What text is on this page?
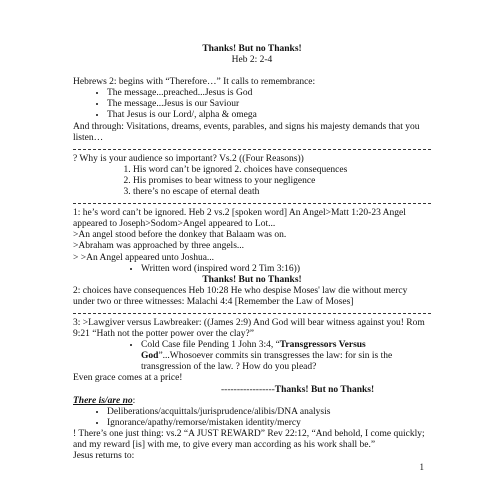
Thanks! But no Thanks!
Heb 2: 2-4
Hebrews 2: begins with “Therefore…” It calls to remembrance:
• The message...preached...Jesus is God
• The message...Jesus is our Saviour
• That Jesus is our Lord/, alpha & omega
And through: Visitations, dreams, events, parables, and signs his majesty demands that you listen…
? Why is your audience so important? Vs.2 ((Four Reasons))
1. His word can’t be ignored 2. choices have consequences
2. His promises to bear witness to your negligence
3. there’s no escape of eternal death
1: he’s word can’t be ignored. Heb 2 vs.2 [spoken word] An Angel>Matt 1:20-23 Angel appeared to Joseph>Sodom>Angel appeared to Lot...
>An angel stood before the donkey that Balaam was on.
>Abraham was approached by three angels...
> >An Angel appeared unto Joshua...
• Written word (inspired word 2 Tim 3:16))
Thanks! But no Thanks!
2: choices have consequences Heb 10:28 He who despise Moses' law die without mercy under two or three witnesses: Malachi 4:4 [Remember the Law of Moses]
3: >Lawgiver versus Lawbreaker: ((James 2:9) And God will bear witness against you! Rom 9:21 “Hath not the potter power over the clay?”
• Cold Case file Pending 1 John 3:4, “Transgressors Versus God”...Whosoever commits sin transgresses the law: for sin is the transgression of the law. ? How do you plead?
Even grace comes at a price!
-----------------Thanks! But no Thanks!
There is/are no:
• Deliberations/acquittals/jurisprudence/alibis/DNA analysis
• Ignorance/apathy/remorse/mistaken identity/mercy
! There’s one just thing: vs.2 “A JUST REWARD” Rev 22:12, “And behold, I come quickly; and my reward [is] with me, to give every man according as his work shall be.”
Jesus returns to:
1
